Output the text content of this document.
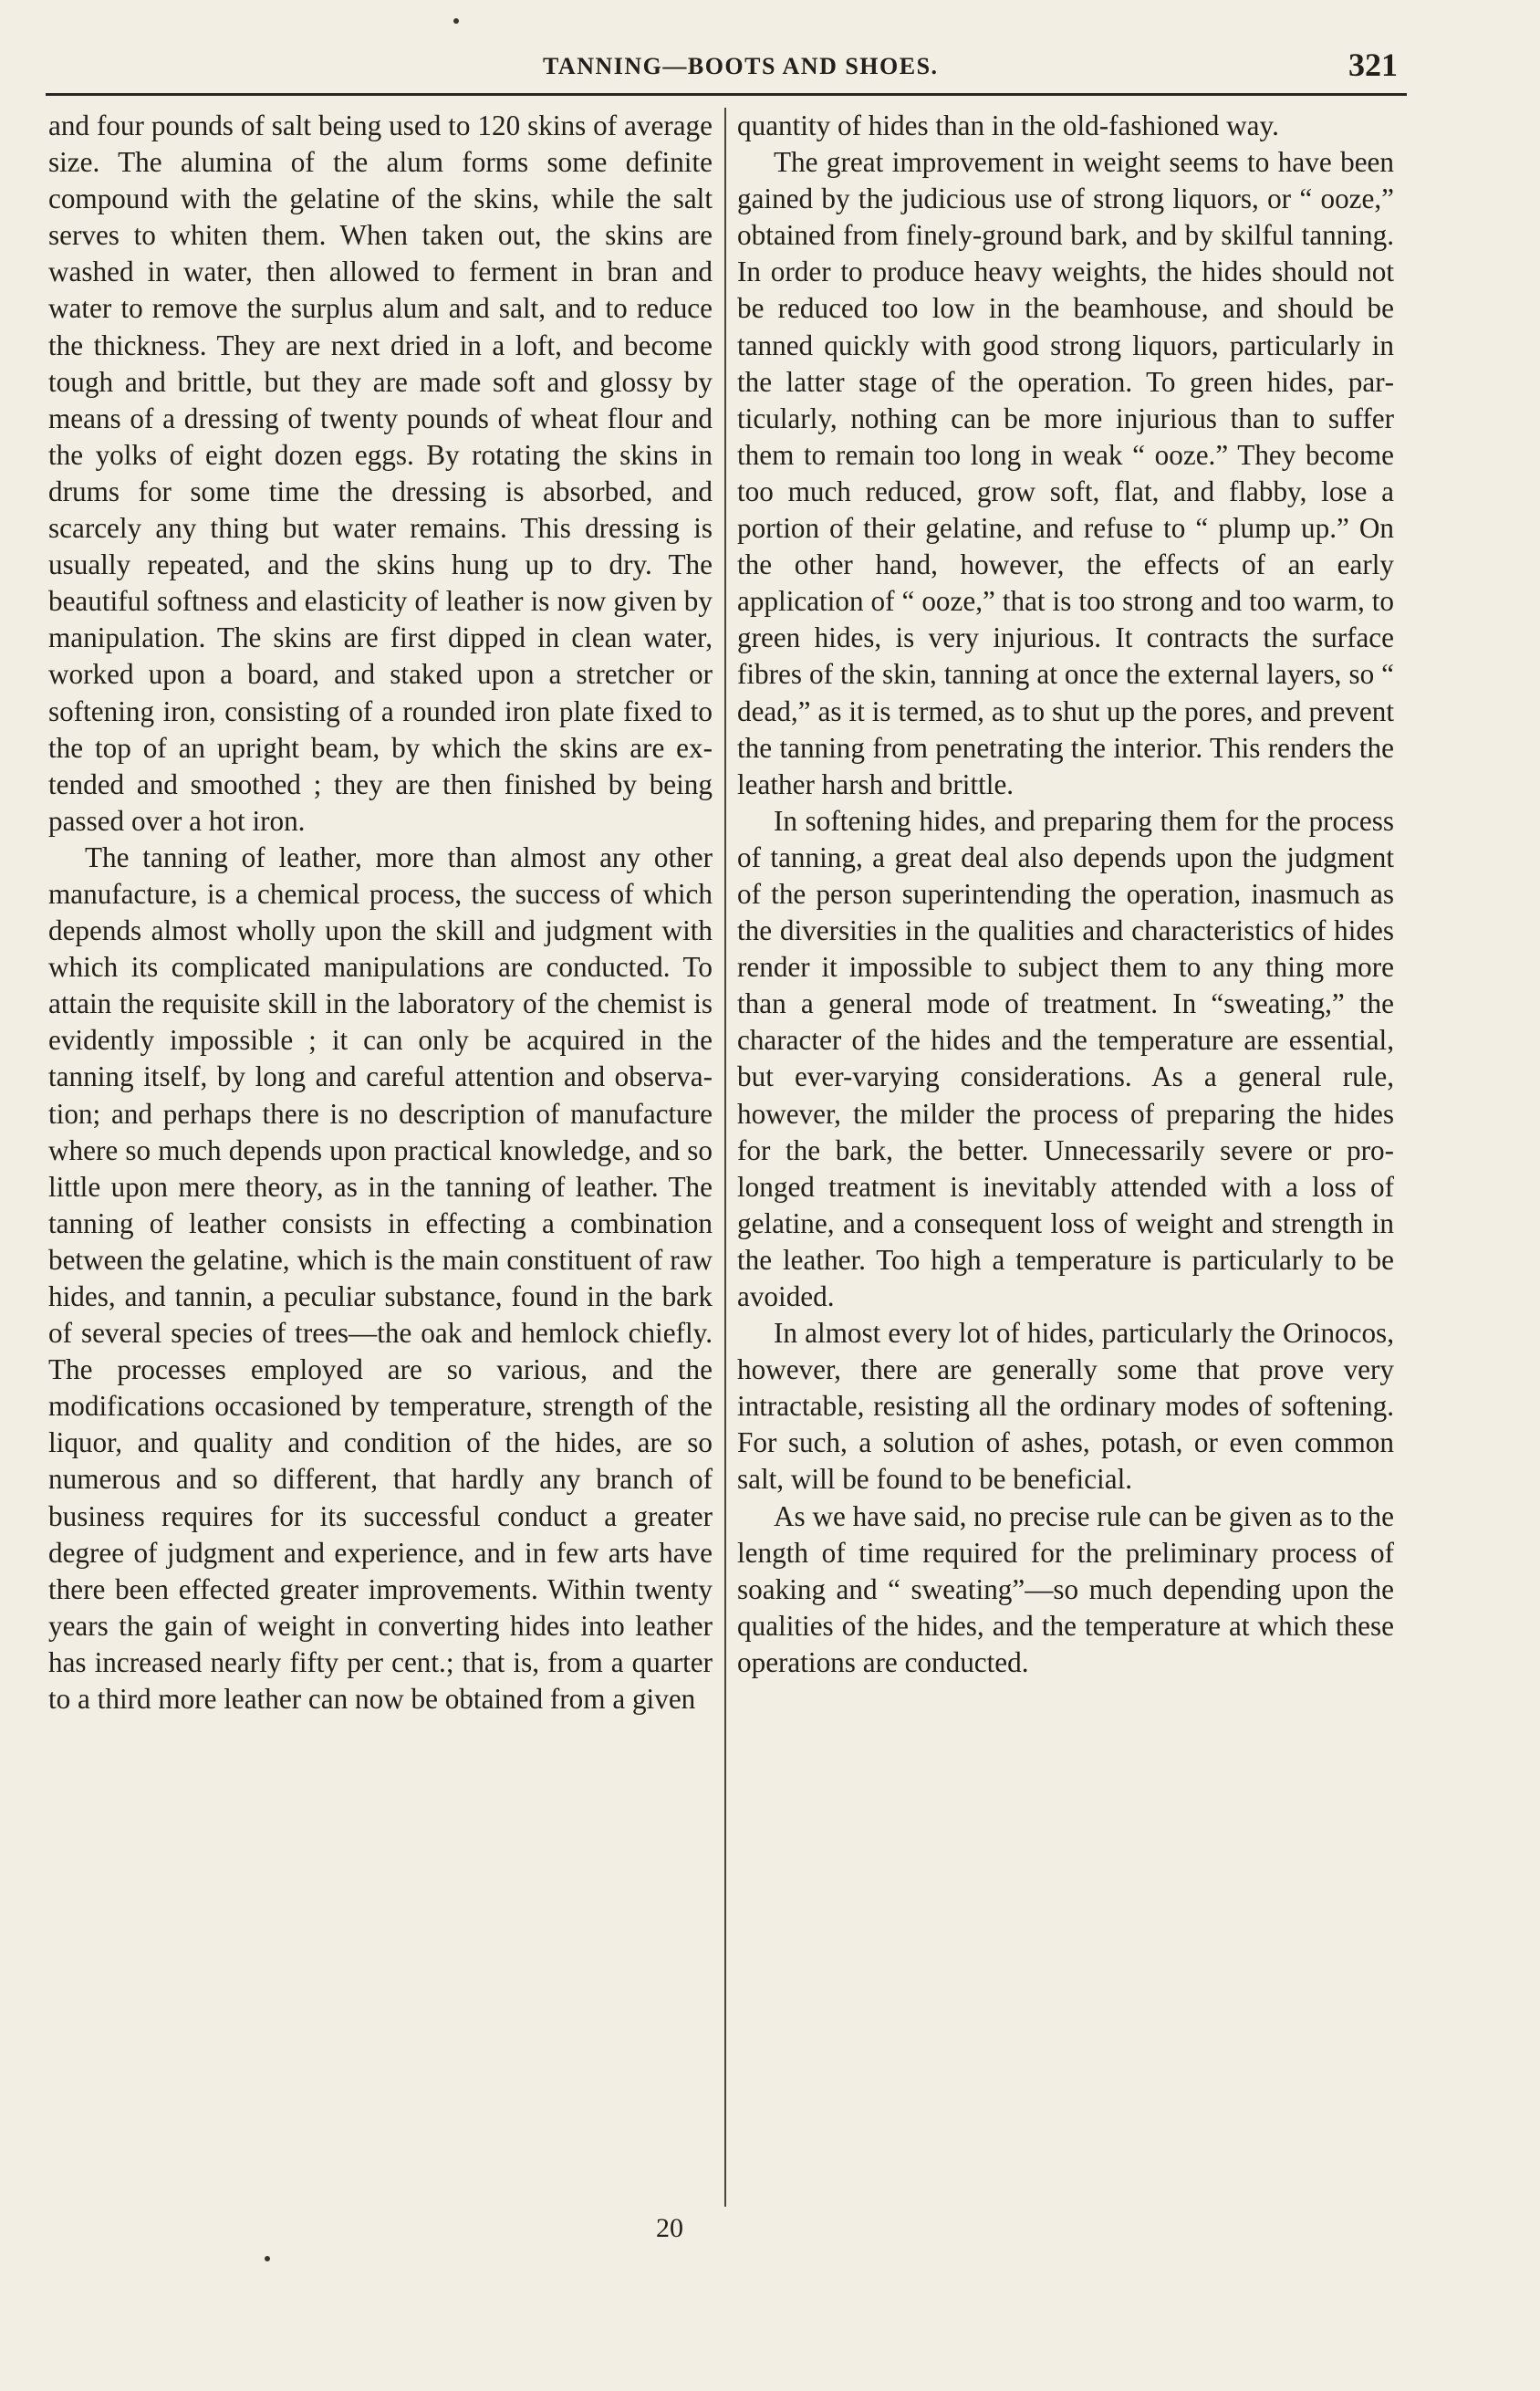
TANNING—BOOTS AND SHOES.	321

and four pounds of salt being used to 120 skins of average size. The alumina of the alum forms some definite compound with the gelatine of the skins, while the salt serves to whiten them. When taken out, the skins are washed in water, then allowed to ferment in bran and water to remove the surplus alum and salt, and to reduce the thickness. They are next dried in a loft, and become tough and brittle, but they are made soft and glossy by means of a dressing of twenty pounds of wheat flour and the yolks of eight dozen eggs. By rotating the skins in drums for some time the dressing is absorbed, and scarcely any thing but water remains. This dressing is usually repeated, and the skins hung up to dry. The beautiful softness and elasticity of leather is now given by manipulation. The skins are first dipped in clean water, worked upon a board, and staked upon a stretcher or softening iron, consisting of a rounded iron plate fixed to the top of an upright beam, by which the skins are extended and smoothed ; they are then finished by being passed over a hot iron.

The tanning of leather, more than almost any other manufacture, is a chemical process, the success of which depends almost wholly upon the skill and judgment with which its complicated manipulations are conducted. To attain the requisite skill in the laboratory of the chemist is evidently impossible ; it can only be acquired in the tanning itself, by long and careful attention and observation; and perhaps there is no description of manufacture where so much depends upon practical knowledge, and so little upon mere theory, as in the tanning of leather. The tanning of leather consists in effecting a combination between the gelatine, which is the main constituent of raw hides, and tannin, a peculiar substance, found in the bark of several species of trees—the oak and hemlock chiefly. The processes employed are so various, and the modifications occasioned by temperature, strength of the liquor, and quality and condition of the hides, are so numerous and so different, that hardly any branch of business requires for its successful conduct a greater degree of judgment and experience, and in few arts have there been effected greater improvements. Within twenty years the gain of weight in converting hides into leather has increased nearly fifty per cent.; that is, from a quarter to a third more leather can now be obtained from a given

quantity of hides than in the old-fashioned way.

The great improvement in weight seems to have been gained by the judicious use of strong liquors, or “ ooze,” obtained from finely-ground bark, and by skilful tanning. In order to produce heavy weights, the hides should not be reduced too low in the beamhouse, and should be tanned quickly with good strong liquors, particularly in the latter stage of the operation. To green hides, particularly, nothing can be more injurious than to suffer them to remain too long in weak “ ooze.” They become too much reduced, grow soft, flat, and flabby, lose a portion of their gelatine, and refuse to “ plump up.” On the other hand, however, the effects of an early application of “ ooze,” that is too strong and too warm, to green hides, is very injurious. It contracts the surface fibres of the skin, tanning at once the external layers, so “ dead,” as it is termed, as to shut up the pores, and prevent the tanning from penetrating the interior. This renders the leather harsh and brittle.

In softening hides, and preparing them for the process of tanning, a great deal also depends upon the judgment of the person superintending the operation, inasmuch as the diversities in the qualities and characteristics of hides render it impossible to subject them to any thing more than a general mode of treatment. In “sweating,” the character of the hides and the temperature are essential, but ever-varying considerations. As a general rule, however, the milder the process of preparing the hides for the bark, the better. Unnecessarily severe or prolonged treatment is inevitably attended with a loss of gelatine, and a consequent loss of weight and strength in the leather. Too high a temperature is particularly to be avoided.

In almost every lot of hides, particularly the Orinocos, however, there are generally some that prove very intractable, resisting all the ordinary modes of softening. For such, a solution of ashes, potash, or even common salt, will be found to be beneficial.

As we have said, no precise rule can be given as to the length of time required for the preliminary process of soaking and “ sweating”—so much depending upon the qualities of the hides, and the temperature at which these operations are conducted.

20
